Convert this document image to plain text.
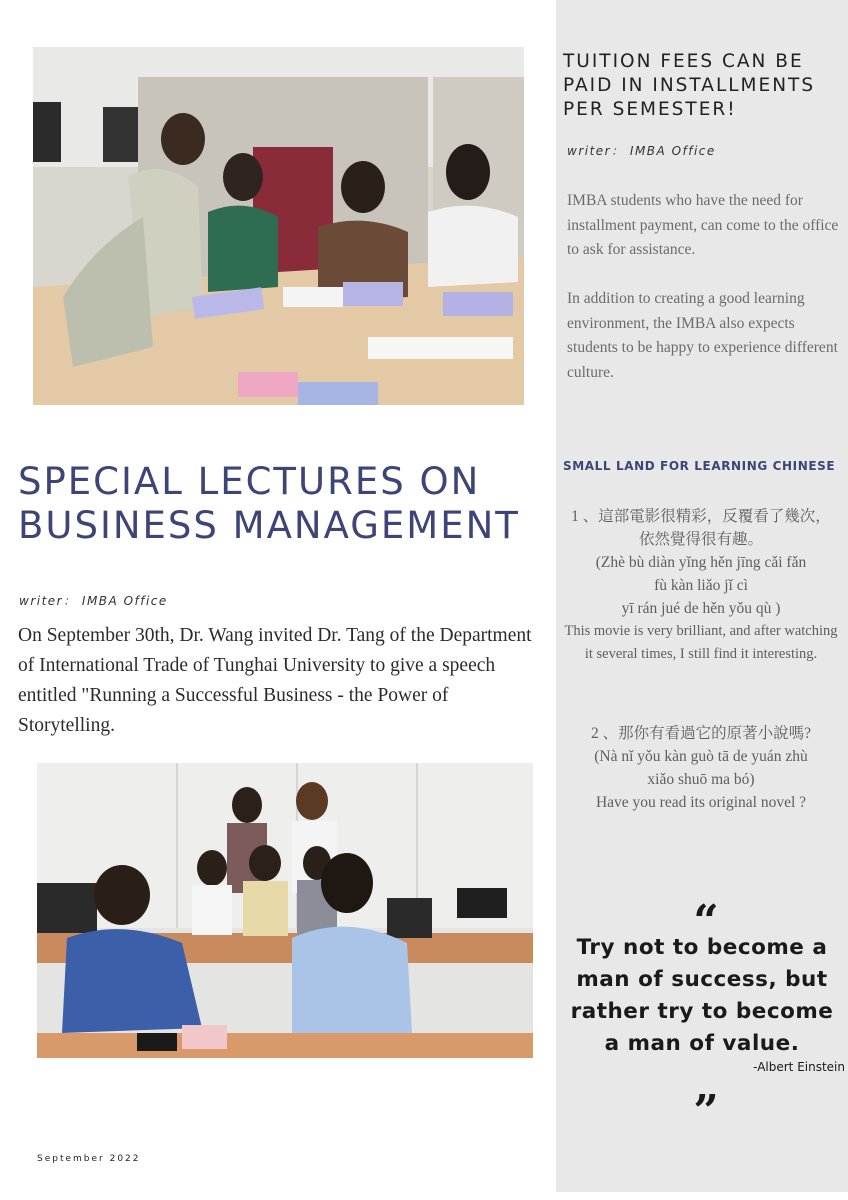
TUITION FEES CAN BE PAID IN INSTALLMENTS PER SEMESTER!
writer： IMBA Office
IMBA students who have the need for installment payment, can come to the office to ask for assistance.
In addition to creating a good learning environment, the IMBA also expects students to be happy to experience different culture.
SPECIAL LECTURES ON
BUSINESS MANAGEMENT
writer： IMBA Office
On September 30th, Dr. Wang invited Dr. Tang of the Department of International Trade of Tunghai University to give a speech entitled "Running a Successful Business - the Power of Storytelling.
SMALL LAND FOR LEARNING CHINESE
1 、這部電影很精彩，反覆看了幾次，
依然覺得很有趣。
(Zhè bù diàn yǐng hěn jīng cǎi fǎn
fù kàn liǎo jǐ cì
yī rán jué de hěn yǒu qù )
This movie is very brilliant, and after watching it several times, I still find it interesting.
2 、那你有看過它的原著小說嗎?
(Nà nǐ yǒu kàn guò tā de yuán zhù
xiǎo shuō ma bó)
Have you read its original novel ?
“
Try not to become a man of success, but rather try to become a man of value.
-Albert Einstein
”
September 2022
